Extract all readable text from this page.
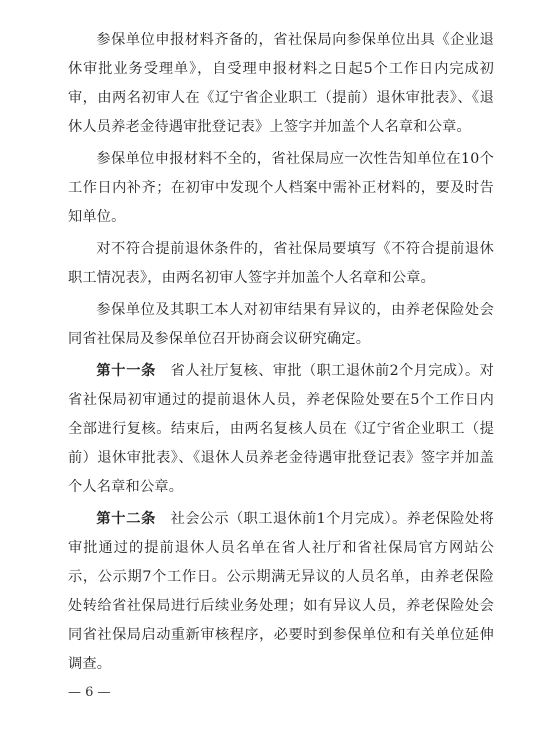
参保单位申报材料齐备的，省社保局向参保单位出具《企业退休审批业务受理单》，自受理申报材料之日起5个工作日内完成初审，由两名初审人在《辽宁省企业职工（提前）退休审批表》、《退休人员养老金待遇审批登记表》上签字并加盖个人名章和公章。

参保单位申报材料不全的，省社保局应一次性告知单位在10个工作日内补齐；在初审中发现个人档案中需补正材料的，要及时告知单位。

对不符合提前退休条件的，省社保局要填写《不符合提前退休职工情况表》，由两名初审人签字并加盖个人名章和公章。

参保单位及其职工本人对初审结果有异议的，由养老保险处会同省社保局及参保单位召开协商会议研究确定。

第十一条　省人社厅复核、审批（职工退休前2个月完成）。对省社保局初审通过的提前退休人员，养老保险处要在5个工作日内全部进行复核。结束后，由两名复核人员在《辽宁省企业职工（提前）退休审批表》、《退休人员养老金待遇审批登记表》签字并加盖个人名章和公章。

第十二条　社会公示（职工退休前1个月完成）。养老保险处将审批通过的提前退休人员名单在省人社厅和省社保局官方网站公示，公示期7个工作日。公示期满无异议的人员名单，由养老保险处转给省社保局进行后续业务处理；如有异议人员，养老保险处会同省社保局启动重新审核程序，必要时到参保单位和有关单位延伸调查。

— 6 —
